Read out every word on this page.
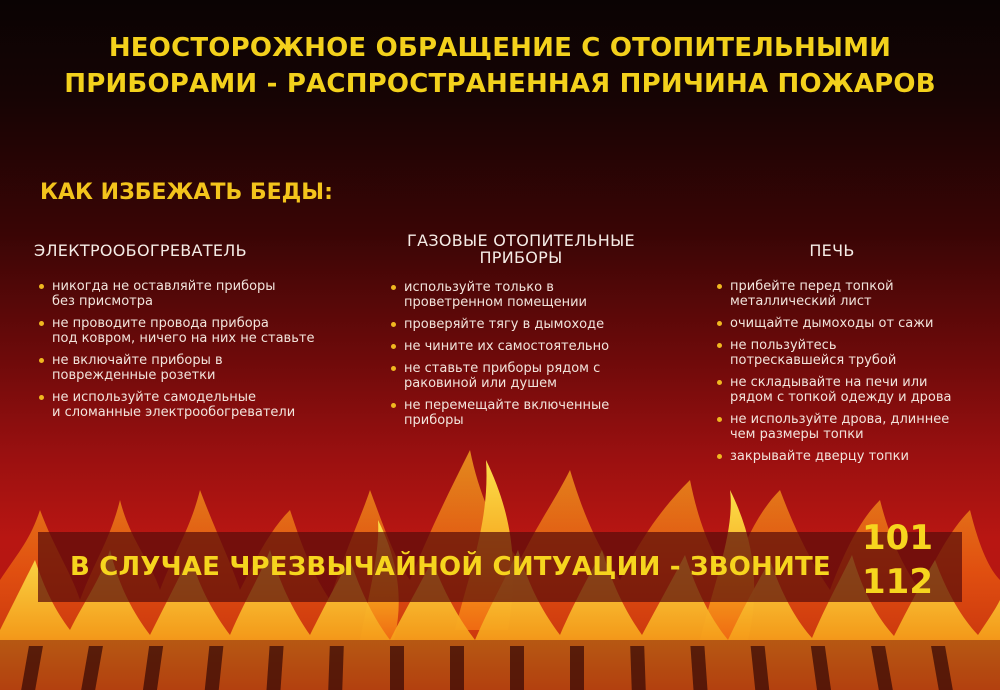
НЕОСТОРОЖНОЕ ОБРАЩЕНИЕ С ОТОПИТЕЛЬНЫМИ
ПРИБОРАМИ - РАСПРОСТРАНЕННАЯ ПРИЧИНА ПОЖАРОВ
КАК ИЗБЕЖАТЬ БЕДЫ:
ЭЛЕКТРООБОГРЕВАТЕЛЬ
никогда не оставляйте приборы
без присмотра
не проводите провода прибора
под ковром, ничего на них не ставьте
не включайте приборы в
поврежденные розетки
не используйте самодельные
и сломанные электрообогреватели
ГАЗОВЫЕ ОТОПИТЕЛЬНЫЕ
ПРИБОРЫ
используйте только в
проветренном помещении
проверяйте тягу в дымоходе
не чините их самостоятельно
не ставьте приборы рядом с
раковиной или душем
не перемещайте включенные
приборы
ПЕЧЬ
прибейте перед топкой
металлический лист
очищайте дымоходы от сажи
не пользуйтесь
потрескавшейся трубой
не складывайте на печи или
рядом с топкой одежду и дрова
не используйте дрова, длиннее
чем размеры топки
закрывайте дверцу топки
В СЛУЧАЕ ЧРЕЗВЫЧАЙНОЙ СИТУАЦИИ - ЗВОНИТЕ
101
112
